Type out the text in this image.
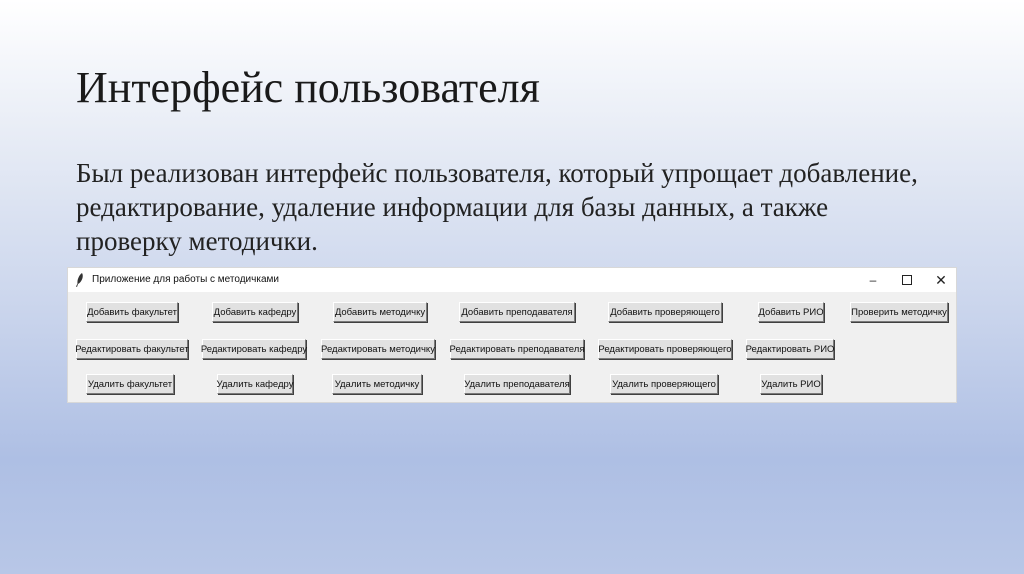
Интерфейс пользователя
Был реализован интерфейс пользователя, который упрощает добавление, редактирование, удаление информации для базы данных, а также проверку методички.
Приложение для работы с методичками	–	✕
Добавить факультет	Добавить кафедру	Добавить методичку	Добавить преподавателя	Добавить проверяющего	Добавить РИО	Проверить методичку
Редактировать факультет Редактировать кафедру Редактировать методичку Редактировать преподавателя Редактировать проверяющего Редактировать РИО
Удалить факультет	Удалить кафедру	Удалить методичку	Удалить преподавателя	Удалить проверяющего	Удалить РИО
